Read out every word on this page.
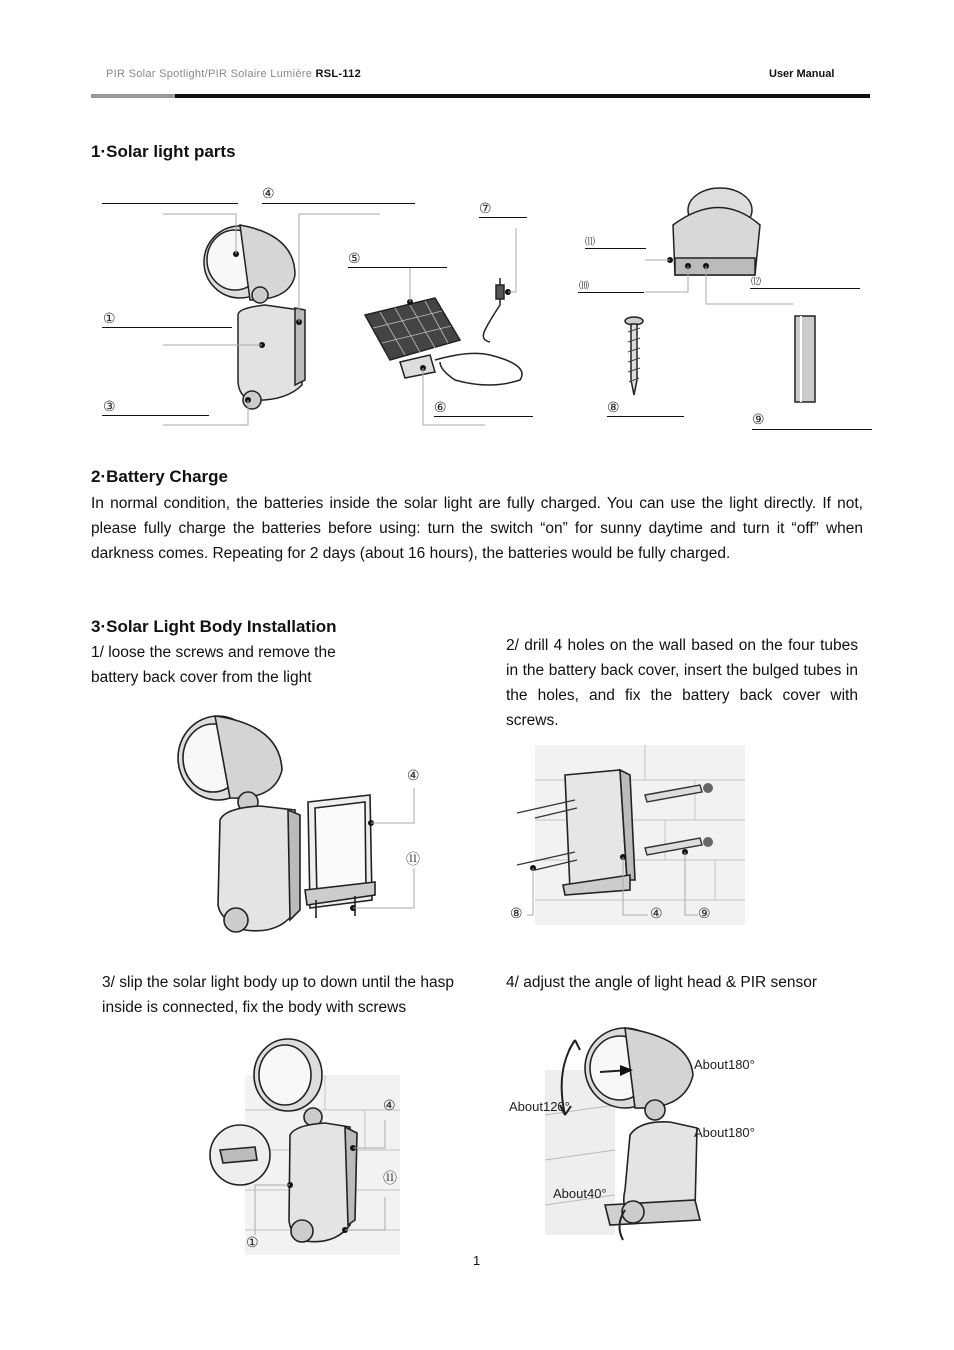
PIR Solar Spotlight/PIR Solaire Lumière RSL-112	User Manual
1·Solar light parts
①
③
④
⑤
⑥
⑦
⑧
⑨
⑽
⑾
⑿
2·Battery Charge

In normal condition, the batteries inside the solar light are fully charged. You can use the light directly. If not, please fully charge the batteries before using: turn the switch “on” for sunny daytime and turn it “off” when darkness comes. Repeating for 2 days (about 16 hours), the batteries would be fully charged.

3·Solar Light Body Installation

1/ loose the screws and remove the battery back cover from the light

2/ drill 4 holes on the wall based on the four tubes in the battery back cover, insert the bulged tubes in the holes, and fix the battery back cover with screws.

④
⑪
⑧	④	⑨

3/ slip the solar light body up to down until the hasp inside is connected, fix the body with screws

4/ adjust the angle of light head & PIR sensor

④
⑪
①
About180°
About120°
About180°
About40°
1
